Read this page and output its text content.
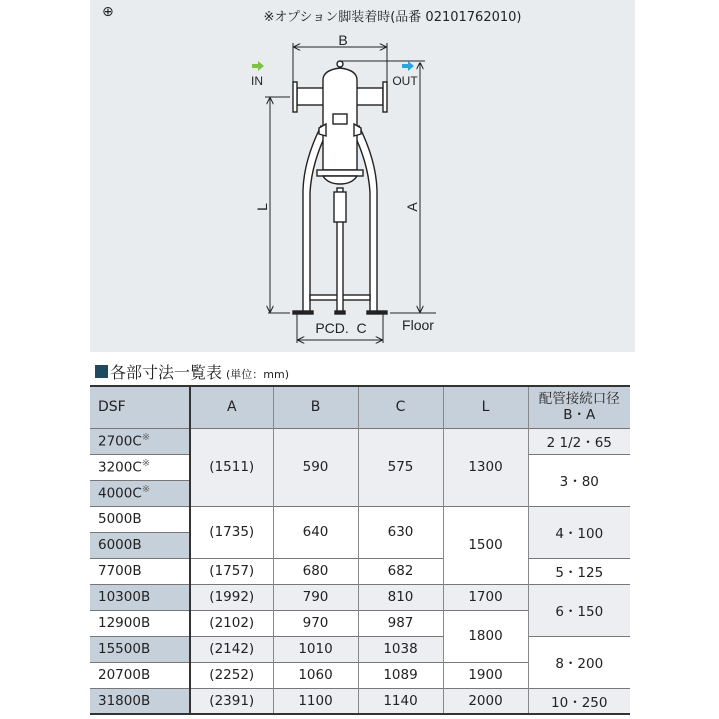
B
IN	OUT
L	A
PCD.  C	Floor
⊕	※オプション脚装着時(品番 02101762010)
各部寸法一覧表 (単位：mm)
DSF	A	B	C	L	配管接続口径
B・A
2700C※	(1511)	590	575	1300	2 1/2・65
3200C※					3・80
4000C※
5000B	(1735)	640	630	1500	4・100
6000B					
7700B	(1757)	680	682		5・125
10300B	(1992)	790	810	1700	6・150
12900B	(2102)	970	987	1800	
15500B	(2142)	1010	1038		8・200
20700B	(2252)	1060	1089	1900	
31800B	(2391)	1100	1140	2000	10・250
